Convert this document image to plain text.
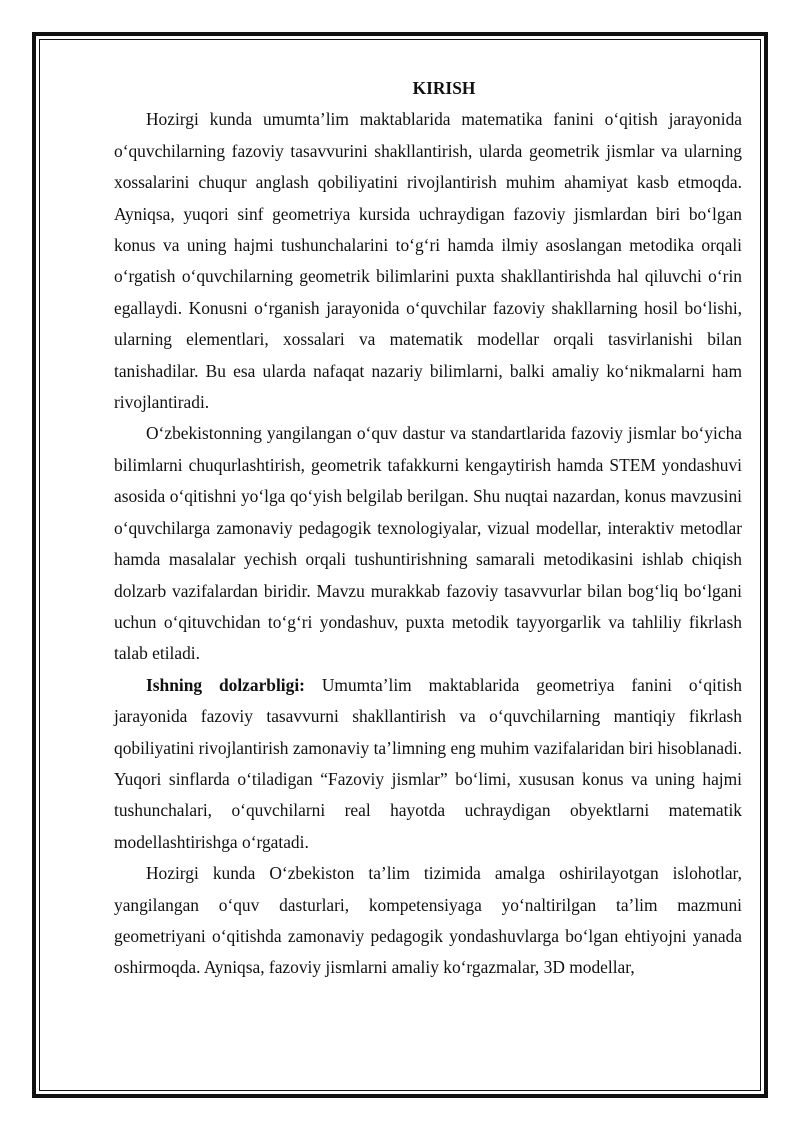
KIRISH

Hozirgi kunda umumta’lim maktablarida matematika fanini o‘qitish jarayonida o‘quvchilarning fazoviy tasavvurini shakllantirish, ularda geometrik jismlar va ularning xossalarini chuqur anglash qobiliyatini rivojlantirish muhim ahamiyat kasb etmoqda. Ayniqsa, yuqori sinf geometriya kursida uchraydigan fazoviy jismlardan biri bo‘lgan konus va uning hajmi tushunchalarini to‘g‘ri hamda ilmiy asoslangan metodika orqali o‘rgatish o‘quvchilarning geometrik bilimlarini puxta shakllantirishda hal qiluvchi o‘rin egallaydi. Konusni o‘rganish jarayonida o‘quvchilar fazoviy shakllarning hosil bo‘lishi, ularning elementlari, xossalari va matematik modellar orqali tasvirlanishi bilan tanishadilar. Bu esa ularda nafaqat nazariy bilimlarni, balki amaliy ko‘nikmalarni ham rivojlantiradi.

O‘zbekistonning yangilangan o‘quv dastur va standartlarida fazoviy jismlar bo‘yicha bilimlarni chuqurlashtirish, geometrik tafakkurni kengaytirish hamda STEM yondashuvi asosida o‘qitishni yo‘lga qo‘yish belgilab berilgan. Shu nuqtai nazardan, konus mavzusini o‘quvchilarga zamonaviy pedagogik texnologiyalar, vizual modellar, interaktiv metodlar hamda masalalar yechish orqali tushuntirishning samarali metodikasini ishlab chiqish dolzarb vazifalardan biridir. Mavzu murakkab fazoviy tasavvurlar bilan bog‘liq bo‘lgani uchun o‘qituvchidan to‘g‘ri yondashuv, puxta metodik tayyorgarlik va tahliliy fikrlash talab etiladi.

Ishning dolzarbligi: Umumta’lim maktablarida geometriya fanini o‘qitish jarayonida fazoviy tasavvurni shakllantirish va o‘quvchilarning mantiqiy fikrlash qobiliyatini rivojlantirish zamonaviy ta’limning eng muhim vazifalaridan biri hisoblanadi. Yuqori sinflarda o‘tiladigan “Fazoviy jismlar” bo‘limi, xususan konus va uning hajmi tushunchalari, o‘quvchilarni real hayotda uchraydigan obyektlarni matematik modellashtirishga o‘rgatadi.

Hozirgi kunda O‘zbekiston ta’lim tizimida amalga oshirilayotgan islohotlar, yangilangan o‘quv dasturlari, kompetensiyaga yo‘naltirilgan ta’lim mazmuni geometriyani o‘qitishda zamonaviy pedagogik yondashuvlarga bo‘lgan ehtiyojni yanada oshirmoqda. Ayniqsa, fazoviy jismlarni amaliy ko‘rgazmalar, 3D modellar,
